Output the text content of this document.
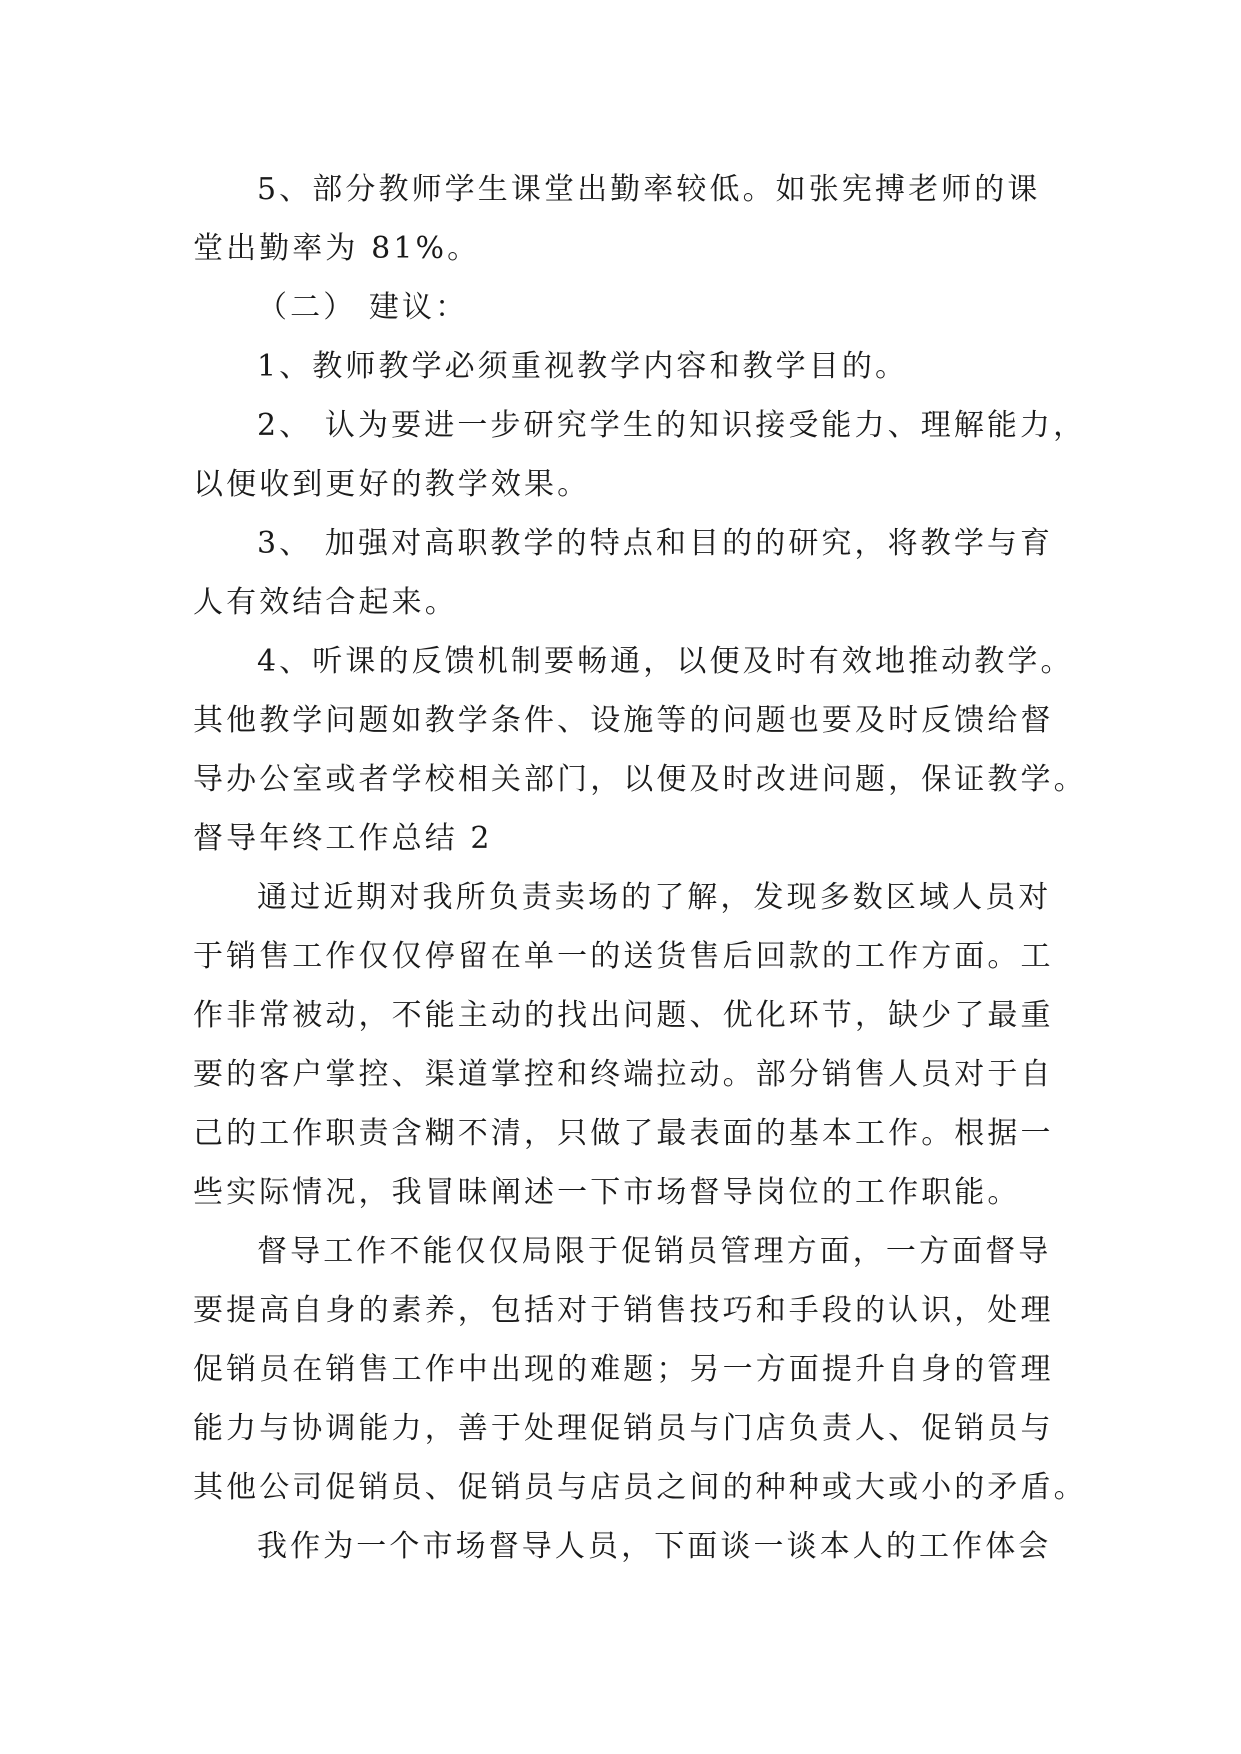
5、部分教师学生课堂出勤率较低。如张宪搏老师的课
堂出勤率为 81%。
（二） 建议：
1、教师教学必须重视教学内容和教学目的。
2、 认为要进一步研究学生的知识接受能力、理解能力，
以便收到更好的教学效果。
3、 加强对高职教学的特点和目的的研究，将教学与育
人有效结合起来。
4、听课的反馈机制要畅通，以便及时有效地推动教学。
其他教学问题如教学条件、设施等的问题也要及时反馈给督
导办公室或者学校相关部门，以便及时改进问题，保证教学。
督导年终工作总结 2
通过近期对我所负责卖场的了解，发现多数区域人员对
于销售工作仅仅停留在单一的送货售后回款的工作方面。工
作非常被动，不能主动的找出问题、优化环节，缺少了最重
要的客户掌控、渠道掌控和终端拉动。部分销售人员对于自
己的工作职责含糊不清，只做了最表面的基本工作。根据一
些实际情况，我冒昧阐述一下市场督导岗位的工作职能。
督导工作不能仅仅局限于促销员管理方面，一方面督导
要提高自身的素养，包括对于销售技巧和手段的认识，处理
促销员在销售工作中出现的难题；另一方面提升自身的管理
能力与协调能力，善于处理促销员与门店负责人、促销员与
其他公司促销员、促销员与店员之间的种种或大或小的矛盾。
我作为一个市场督导人员，下面谈一谈本人的工作体会
